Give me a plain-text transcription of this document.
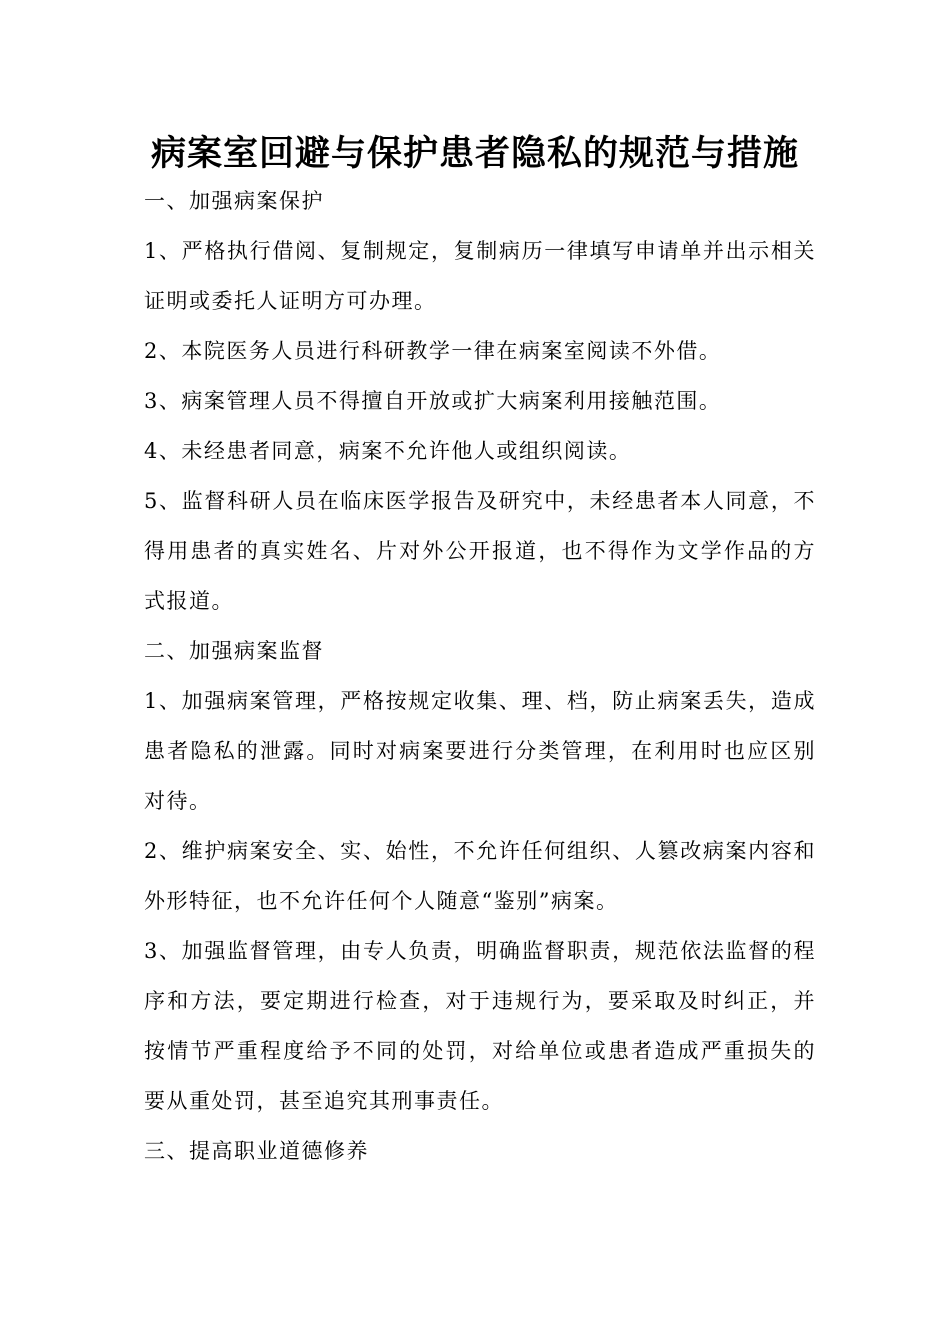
病案室回避与保护患者隐私的规范与措施

一、加强病案保护

1、严格执行借阅、复制规定，复制病历一律填写申请单并出示相关证明或委托人证明方可办理。

2、本院医务人员进行科研教学一律在病案室阅读不外借。

3、病案管理人员不得擅自开放或扩大病案利用接触范围。

4、未经患者同意，病案不允许他人或组织阅读。

5、监督科研人员在临床医学报告及研究中，未经患者本人同意，不得用患者的真实姓名、片对外公开报道，也不得作为文学作品的方式报道。

二、加强病案监督

1、加强病案管理，严格按规定收集、理、档，防止病案丢失，造成患者隐私的泄露。同时对病案要进行分类管理，在利用时也应区别对待。

2、维护病案安全、实、始性，不允许任何组织、人篡改病案内容和外形特征，也不允许任何个人随意“鉴别”病案。

3、加强监督管理，由专人负责，明确监督职责，规范依法监督的程序和方法，要定期进行检查，对于违规行为，要采取及时纠正，并按情节严重程度给予不同的处罚，对给单位或患者造成严重损失的要从重处罚，甚至追究其刑事责任。

三、提高职业道德修养
